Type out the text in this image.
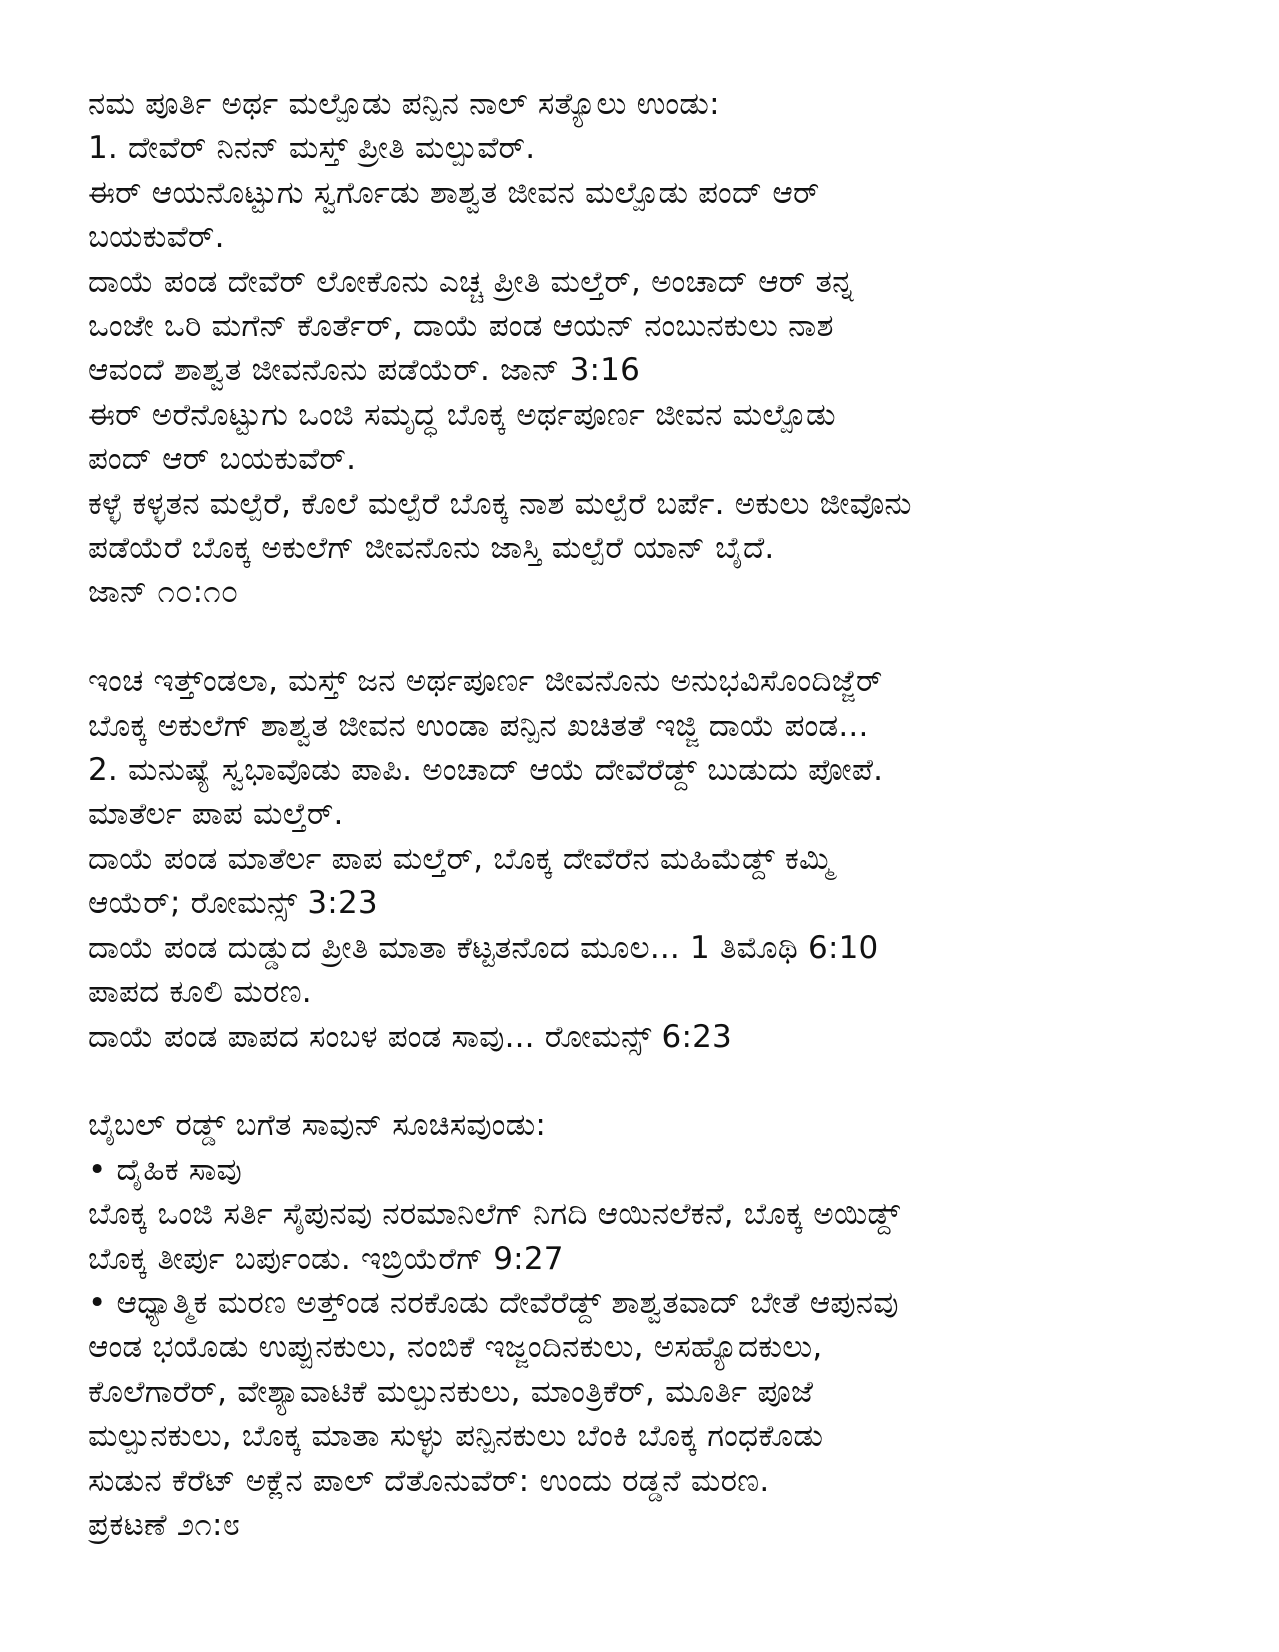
ನಮ ಪೂರ್ತಿ ಅರ್ಥ ಮಲ್ಪೊಡು ಪನ್ಪಿನ ನಾಲ್ ಸತ್ಯೊಲು ಉಂಡು:
1. ದೇವೆರ್ ನಿನನ್ ಮಸ್ತ್ ಪ್ರೀತಿ ಮಲ್ಪುವೆರ್.
ಈರ್ ಆಯನೊಟ್ಟುಗು ಸ್ವರ್ಗೊಡು ಶಾಶ್ವತ ಜೀವನ ಮಲ್ಪೊಡು ಪಂದ್ ಆರ್
ಬಯಕುವೆರ್.
ದಾಯೆ ಪಂಡ ದೇವೆರ್ ಲೋಕೊನು ಎಚ್ಚ ಪ್ರೀತಿ ಮಲ್ತೆರ್, ಅಂಚಾದ್ ಆರ್ ತನ್ನ
ಒಂಜೇ ಒರಿ ಮಗೆನ್ ಕೊರ್ತೆರ್, ದಾಯೆ ಪಂಡ ಆಯನ್ ನಂಬುನಕುಲು ನಾಶ
ಆವಂದೆ ಶಾಶ್ವತ ಜೀವನೊನು ಪಡೆಯೆರ್. ಜಾನ್ 3:16
ಈರ್ ಅರೆನೊಟ್ಟುಗು ಒಂಜಿ ಸಮೃದ್ಧ ಬೊಕ್ಕ ಅರ್ಥಪೂರ್ಣ ಜೀವನ ಮಲ್ಪೊಡು
ಪಂದ್ ಆರ್ ಬಯಕುವೆರ್.
ಕಳ್ಳೆ ಕಳ್ಳತನ ಮಲ್ಪೆರೆ, ಕೊಲೆ ಮಲ್ಪೆರೆ ಬೊಕ್ಕ ನಾಶ ಮಲ್ಪೆರೆ ಬರ್ಪೆ. ಅಕುಲು ಜೀವೊನು
ಪಡೆಯೆರೆ ಬೊಕ್ಕ ಅಕುಲೆಗ್ ಜೀವನೊನು ಜಾಸ್ತಿ ಮಲ್ಪೆರೆ ಯಾನ್ ಬೈದೆ.
ಜಾನ್ ೧೦:೧೦
ಇಂಚ ಇತ್ತ್ಂಡಲಾ, ಮಸ್ತ್ ಜನ ಅರ್ಥಪೂರ್ಣ ಜೀವನೊನು ಅನುಭವಿಸೊಂದಿಜ್ಜೆರ್
ಬೊಕ್ಕ ಅಕುಲೆಗ್ ಶಾಶ್ವತ ಜೀವನ ಉಂಡಾ ಪನ್ಪಿನ ಖಚಿತತೆ ಇಜ್ಜಿ ದಾಯೆ ಪಂಡ...
2. ಮನುಷ್ಯೆ ಸ್ವಭಾವೊಡು ಪಾಪಿ. ಅಂಚಾದ್ ಆಯೆ ದೇವೆರೆಡ್ದ್ ಬುಡುದು ಪೋಪೆ.
ಮಾತೆರ್ಲ ಪಾಪ ಮಲ್ತೆರ್.
ದಾಯೆ ಪಂಡ ಮಾತೆರ್ಲ ಪಾಪ ಮಲ್ತೆರ್, ಬೊಕ್ಕ ದೇವೆರೆನ ಮಹಿಮೆಡ್ದ್ ಕಮ್ಮಿ
ಆಯೆರ್; ರೋಮನ್ಸ್ 3:23
ದಾಯೆ ಪಂಡ ದುಡ್ಡುದ ಪ್ರೀತಿ ಮಾತಾ ಕೆಟ್ಟತನೊದ ಮೂಲ... 1 ತಿಮೊಥಿ 6:10
ಪಾಪದ ಕೂಲಿ ಮರಣ.
ದಾಯೆ ಪಂಡ ಪಾಪದ ಸಂಬಳ ಪಂಡ ಸಾವು... ರೋಮನ್ಸ್ 6:23
ಬೈಬಲ್ ರಡ್ಡ್ ಬಗೆತ ಸಾವುನ್ ಸೂಚಿಸವುಂಡು:
• ದೈಹಿಕ ಸಾವು
ಬೊಕ್ಕ ಒಂಜಿ ಸರ್ತಿ ಸೈಪುನವು ನರಮಾನಿಲೆಗ್ ನಿಗದಿ ಆಯಿನಲೆಕನೆ, ಬೊಕ್ಕ ಅಯಿಡ್ದ್
ಬೊಕ್ಕ ತೀರ್ಪು ಬರ್ಪುಂಡು. ಇಬ್ರಿಯೆರೆಗ್ 9:27
• ಆಧ್ಯಾತ್ಮಿಕ ಮರಣ ಅತ್ತ್ಂಡ ನರಕೊಡು ದೇವೆರೆಡ್ದ್ ಶಾಶ್ವತವಾದ್ ಬೇತೆ ಆಪುನವು
ಆಂಡ ಭಯೊಡು ಉಪ್ಪುನಕುಲು, ನಂಬಿಕೆ ಇಜ್ಜಂದಿನಕುಲು, ಅಸಹ್ಯೊದಕುಲು,
ಕೊಲೆಗಾರೆರ್, ವೇಶ್ಯಾವಾಟಿಕೆ ಮಲ್ಪುನಕುಲು, ಮಾಂತ್ರಿಕೆರ್, ಮೂರ್ತಿ ಪೂಜೆ
ಮಲ್ಪುನಕುಲು, ಬೊಕ್ಕ ಮಾತಾ ಸುಳ್ಳು ಪನ್ಪಿನಕುಲು ಬೆಂಕಿ ಬೊಕ್ಕ ಗಂಧಕೊಡು
ಸುಡುನ ಕೆರೆಟ್ ಅಕ್ಲೆನ ಪಾಲ್ ದೆತೊನುವೆರ್: ಉಂದು ರಡ್ಡನೆ ಮರಣ.
ಪ್ರಕಟಣೆ ೨೧:೮
